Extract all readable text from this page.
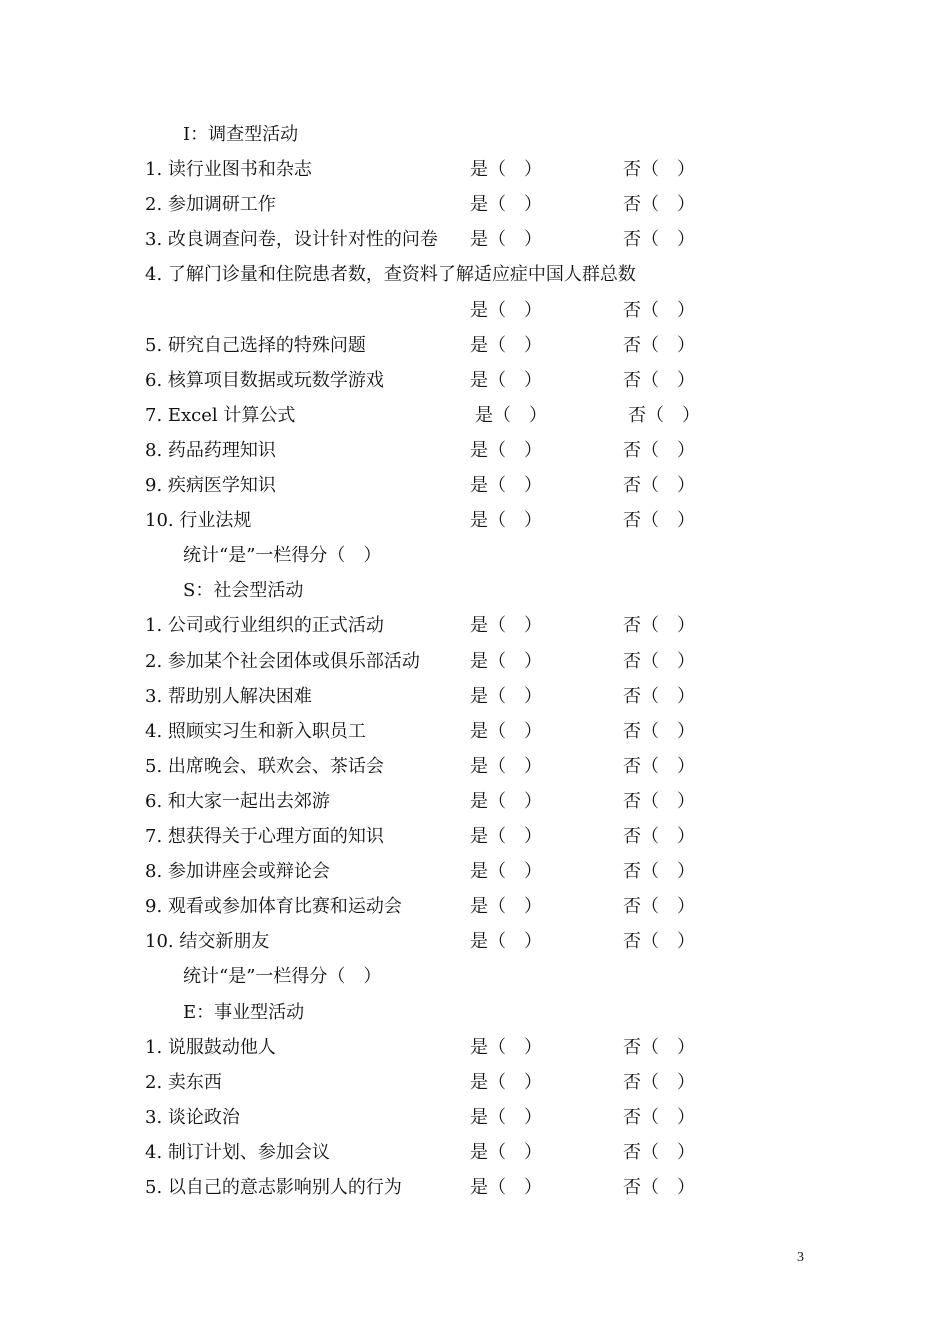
I：调查型活动
1. 读行业图书和杂志	是（　）	否（　）
2. 参加调研工作	是（　）	否（　）
3. 改良调查问卷，设计针对性的问卷 是（　）	否（　）
4. 了解门诊量和住院患者数，查资料了解适应症中国人群总数
是（　）	否（　）
5. 研究自己选择的特殊问题	是（　）	否（　）
6. 核算项目数据或玩数学游戏	是（　）	否（　）
7. Excel 计算公式	是（　）	否（　）
8. 药品药理知识	是（　）	否（　）
9. 疾病医学知识	是（　）	否（　）
10. 行业法规	是（　）	否（　）
统计“是”一栏得分（　）
S：社会型活动
1. 公司或行业组织的正式活动	是（　）	否（　）
2. 参加某个社会团体或俱乐部活动	是（　）	否（　）
3. 帮助别人解决困难	是（　）	否（　）
4. 照顾实习生和新入职员工	是（　）	否（　）
5. 出席晚会、联欢会、茶话会	是（　）	否（　）
6. 和大家一起出去郊游	是（　）	否（　）
7. 想获得关于心理方面的知识	是（　）	否（　）
8. 参加讲座会或辩论会	是（　）	否（　）
9. 观看或参加体育比赛和运动会	是（　）	否（　）
10. 结交新朋友	是（　）	否（　）
统计“是”一栏得分（　）
E：事业型活动
1. 说服鼓动他人	是（　）	否（　）
2. 卖东西	是（　）	否（　）
3. 谈论政治	是（　）	否（　）
4. 制订计划、参加会议	是（　）	否（　）
5. 以自己的意志影响别人的行为	是（　）	否（　）
3
